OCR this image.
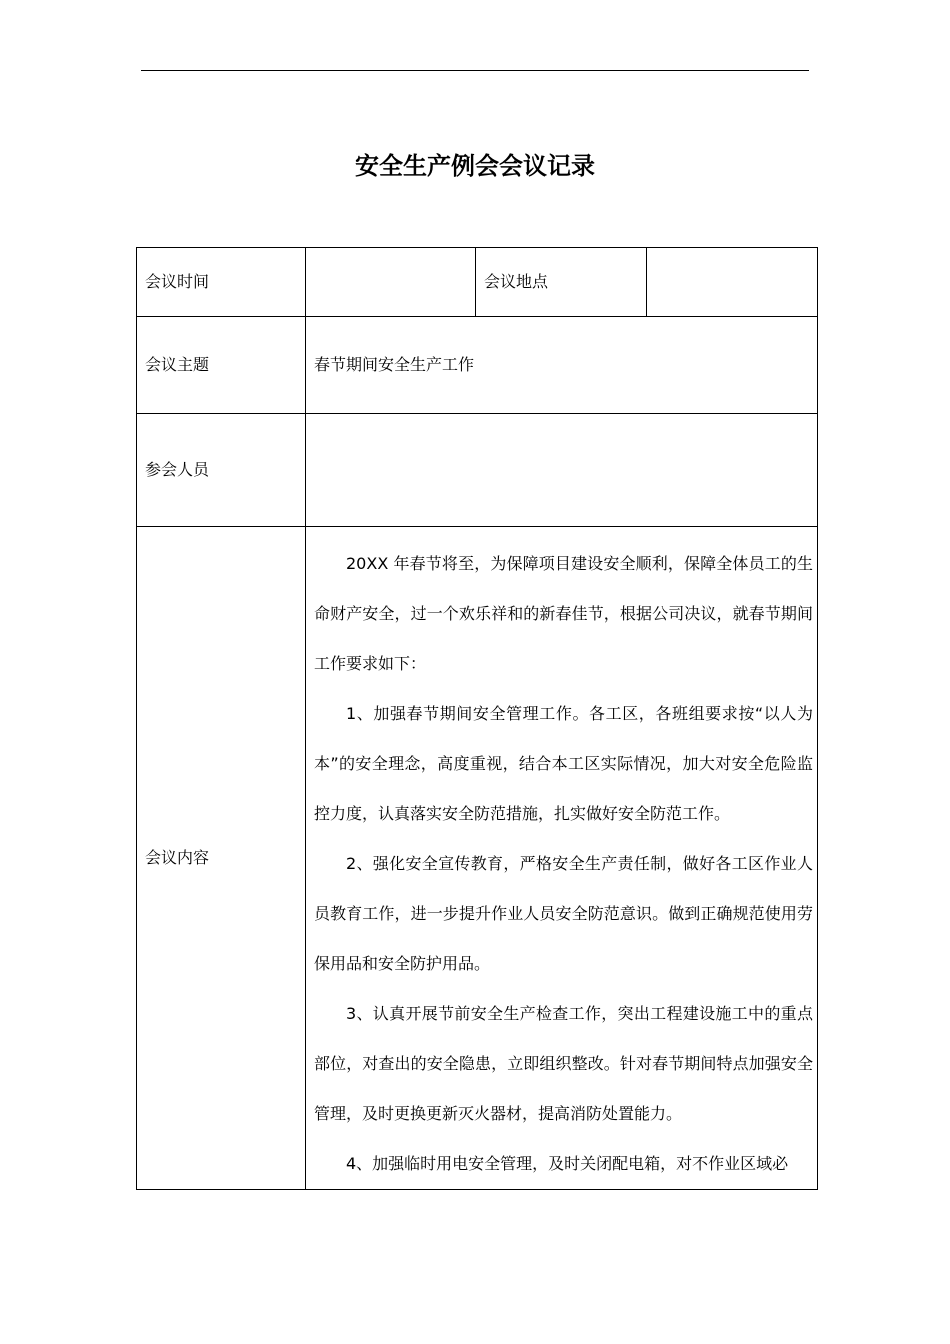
安全生产例会会议记录
会议时间		会议地点	
会议主题	春节期间安全生产工作		
参会人员			
会议内容	20XX 年春节将至，为保障项目建设安全顺利，保障全体员工的生命财产安全，过一个欢乐祥和的新春佳节，根据公司决议，就春节期间工作要求如下：

1、加强春节期间安全管理工作。各工区，各班组要求按“以人为本”的安全理念，高度重视，结合本工区实际情况，加大对安全危险监控力度，认真落实安全防范措施，扎实做好安全防范工作。

2、强化安全宣传教育，严格安全生产责任制，做好各工区作业人员教育工作，进一步提升作业人员安全防范意识。做到正确规范使用劳保用品和安全防护用品。

3、认真开展节前安全生产检查工作，突出工程建设施工中的重点部位，对查出的安全隐患，立即组织整改。针对春节期间特点加强安全管理，及时更换更新灭火器材，提高消防处置能力。

4、加强临时用电安全管理，及时关闭配电箱，对不作业区域必		
